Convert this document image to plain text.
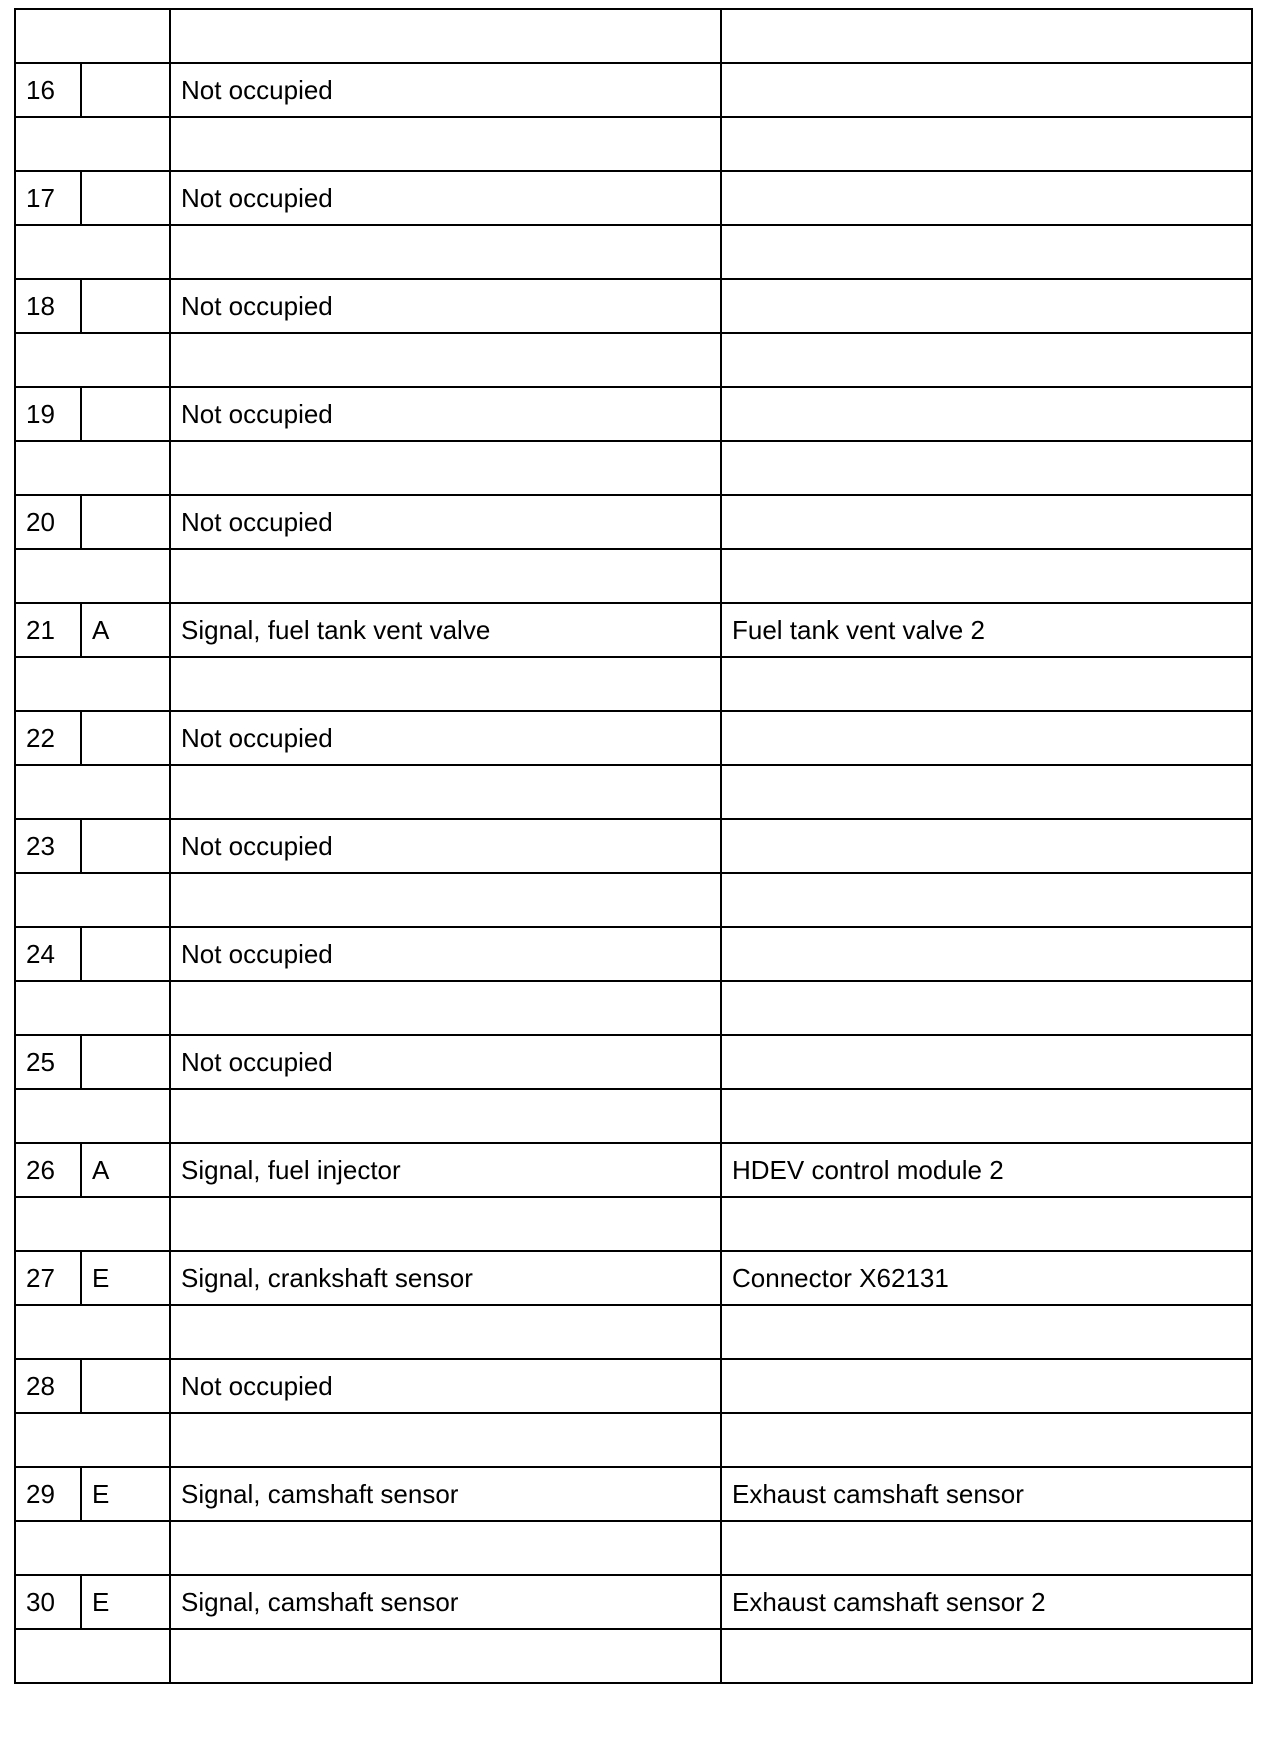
16		Not occupied	

17		Not occupied	

18		Not occupied	

19		Not occupied	

20		Not occupied	

21	A	Signal, fuel tank vent valve	Fuel tank vent valve 2

22		Not occupied	

23		Not occupied	

24		Not occupied	

25		Not occupied	

26	A	Signal, fuel injector	HDEV control module 2

27	E	Signal, crankshaft sensor	Connector X62131

28		Not occupied	

29	E	Signal, camshaft sensor	Exhaust camshaft sensor

30	E	Signal, camshaft sensor	Exhaust camshaft sensor 2
